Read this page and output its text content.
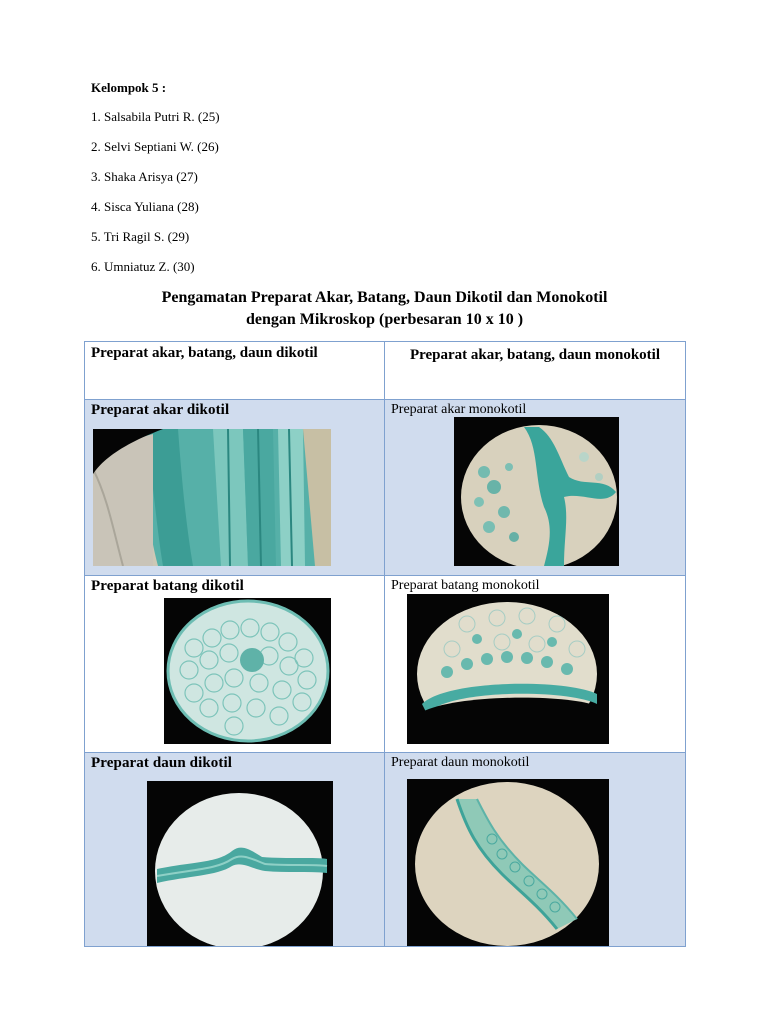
Kelompok 5 :
1. Salsabila Putri R. (25)
2. Selvi Septiani W. (26)
3. Shaka Arisya (27)
4. Sisca Yuliana (28)
5. Tri Ragil S. (29)
6. Umniatuz Z. (30)
Pengamatan Preparat Akar, Batang, Daun Dikotil dan Monokotil
dengan Mikroskop (perbesaran 10 x 10 )
Preparat akar, batang, daun dikotil	Preparat akar, batang, daun monokotil

Preparat akar dikotil	Preparat akar monokotil

Preparat batang dikotil	Preparat batang monokotil

Preparat daun dikotil	Preparat daun monokotil
